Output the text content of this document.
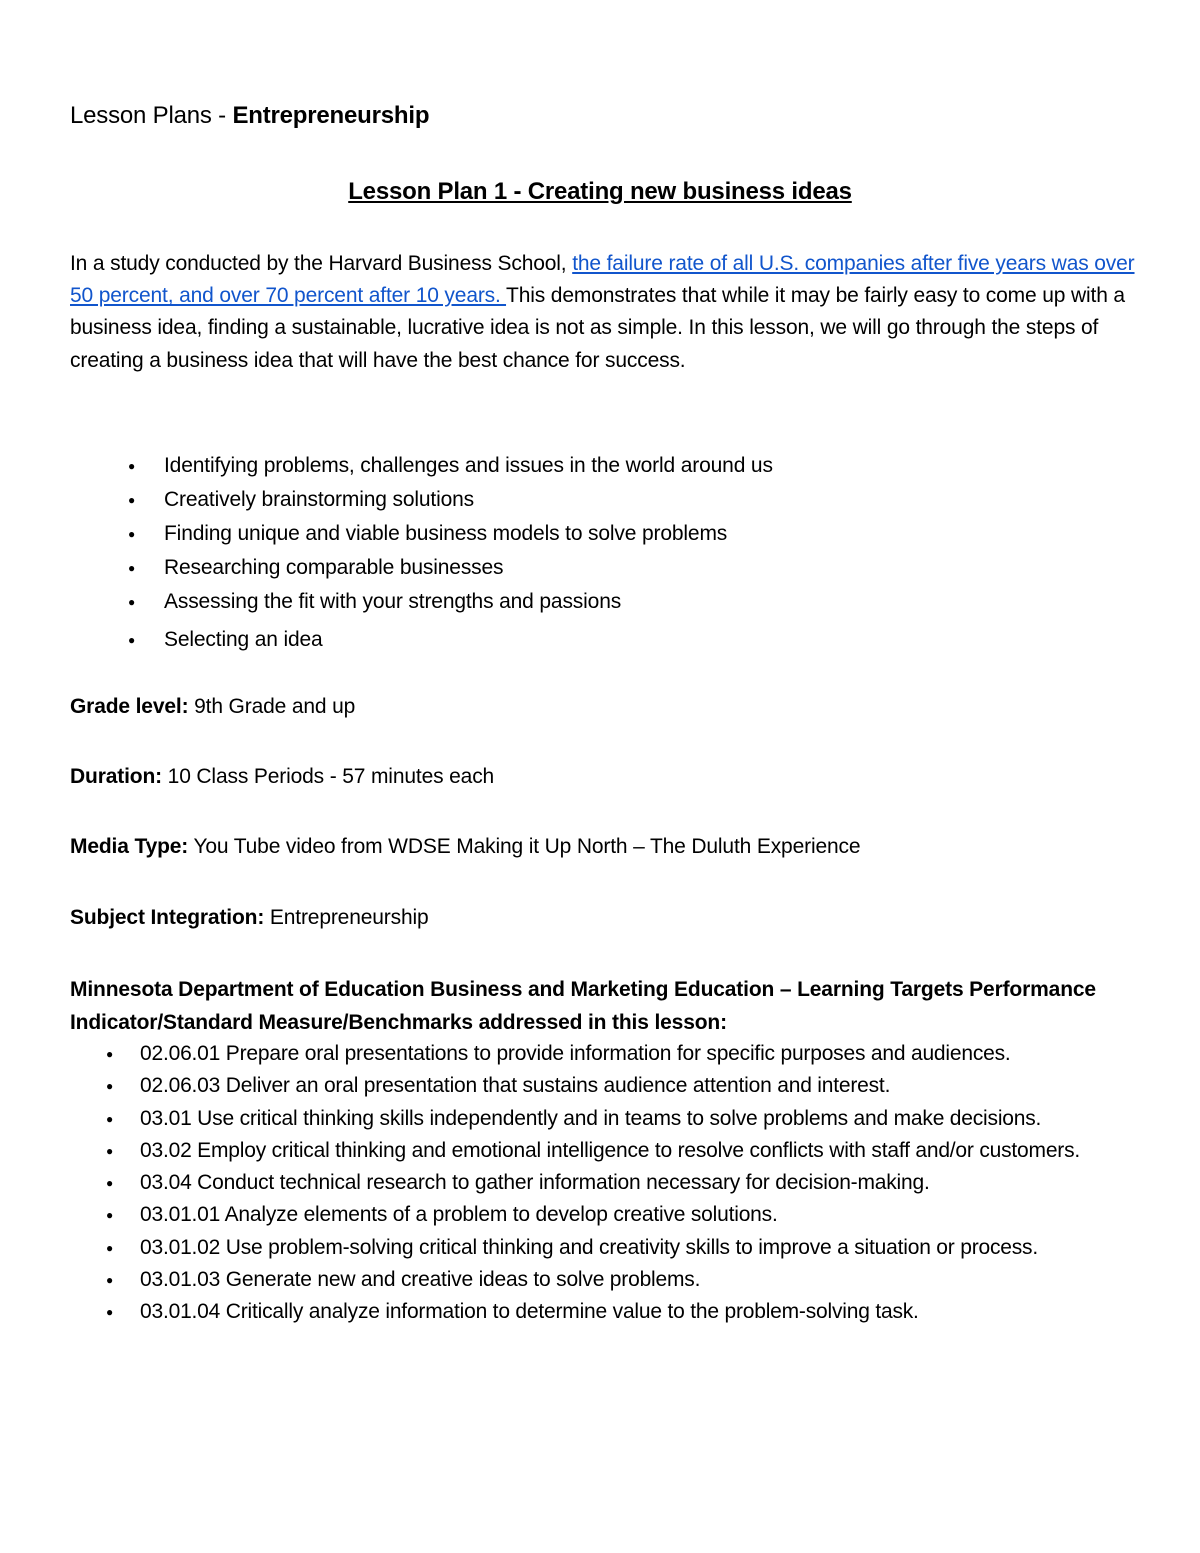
Lesson Plans - Entrepreneurship
Lesson Plan 1 - Creating new business ideas

In a study conducted by the Harvard Business School, the failure rate of all U.S. companies after five years was over 50 percent, and over 70 percent after 10 years. This demonstrates that while it may be fairly easy to come up with a business idea, finding a sustainable, lucrative idea is not as simple. In this lesson, we will go through the steps of creating a business idea that will have the best chance for success.

● Identifying problems, challenges and issues in the world around us
● Creatively brainstorming solutions
● Finding unique and viable business models to solve problems
● Researching comparable businesses
● Assessing the fit with your strengths and passions
● Selecting an idea

Grade level: 9th Grade and up

Duration: 10 Class Periods - 57 minutes each

Media Type: You Tube video from WDSE Making it Up North – The Duluth Experience

Subject Integration: Entrepreneurship

Minnesota Department of Education Business and Marketing Education – Learning Targets Performance Indicator/Standard Measure/Benchmarks addressed in this lesson:

● 02.06.01 Prepare oral presentations to provide information for specific purposes and audiences.
● 02.06.03 Deliver an oral presentation that sustains audience attention and interest.
● 03.01 Use critical thinking skills independently and in teams to solve problems and make decisions.
● 03.02 Employ critical thinking and emotional intelligence to resolve conflicts with staff and/or customers.
● 03.04 Conduct technical research to gather information necessary for decision-making.
● 03.01.01 Analyze elements of a problem to develop creative solutions.
● 03.01.02 Use problem-solving critical thinking and creativity skills to improve a situation or process.
● 03.01.03 Generate new and creative ideas to solve problems.
● 03.01.04 Critically analyze information to determine value to the problem-solving task.
